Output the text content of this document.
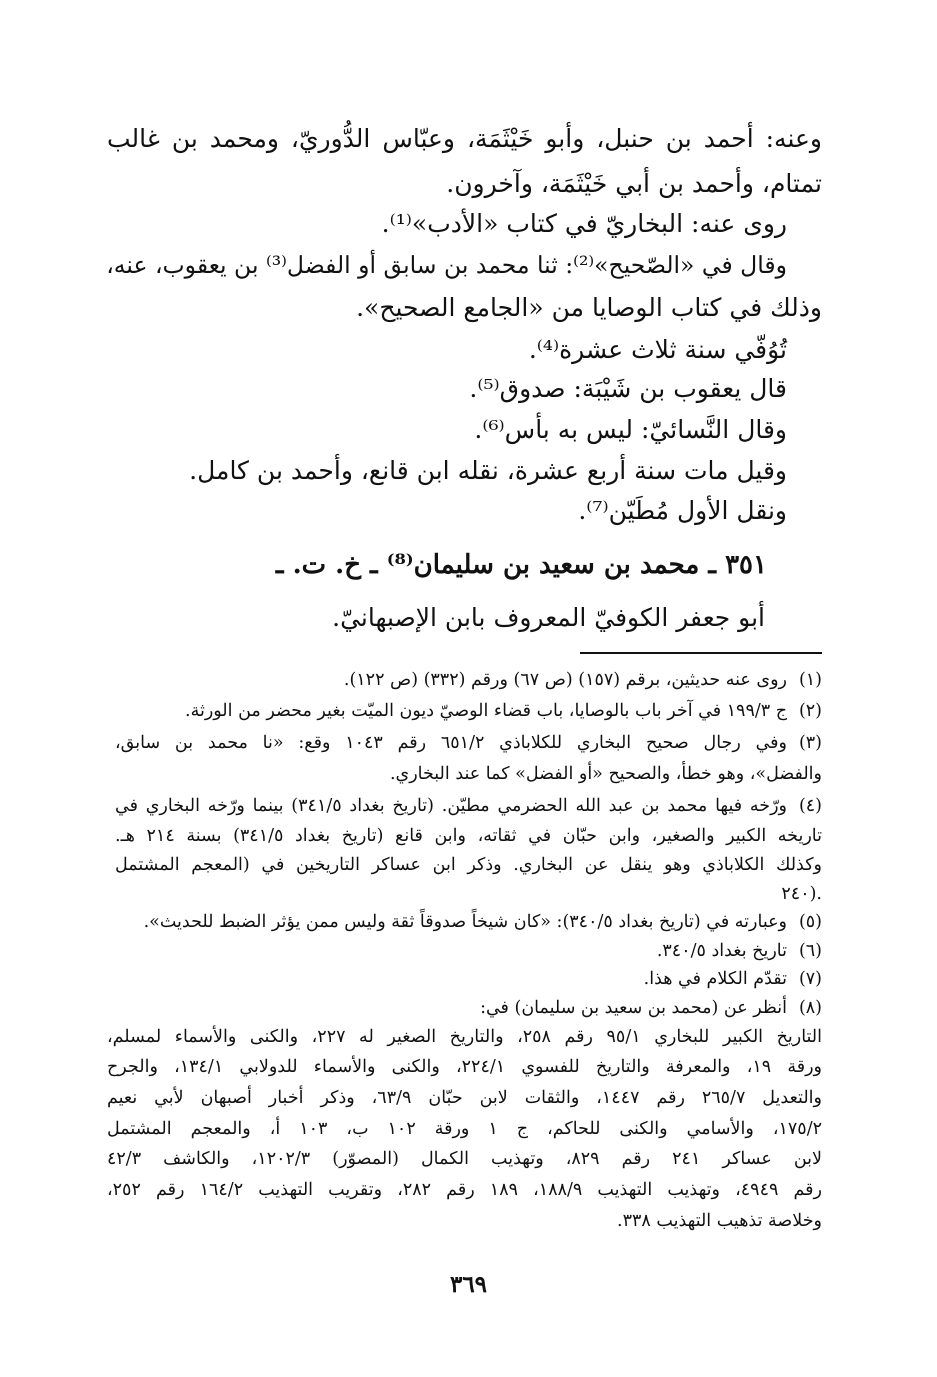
وعنه: أحمد بن حنبل، وأبو خَيْثَمَة، وعبّاس الدُّوريّ، ومحمد بن غالب
تمتام، وأحمد بن أبي خَيْثَمَة، وآخرون.
روى عنه: البخاريّ في كتاب «الأدب»⁽¹⁾.
وقال في «الصّحيح»⁽²⁾: ثنا محمد بن سابق أو الفضل⁽³⁾ بن يعقوب، عنه،
وذلك في كتاب الوصايا من «الجامع الصحيح».
تُوُفّي سنة ثلاث عشرة⁽⁴⁾.
قال يعقوب بن شَيْبَة: صدوق⁽⁵⁾.
وقال النَّسائيّ: ليس به بأس⁽⁶⁾.
وقيل مات سنة أربع عشرة، نقله ابن قانع، وأحمد بن كامل.
ونقل الأول مُطَيّن⁽⁷⁾.
٣٥١ ـ محمد بن سعيد بن سليمان⁽⁸⁾ ـ خ. ت. ـ
أبو جعفر الكوفيّ المعروف بابن الإصبهانيّ.
(١)
روى عنه حديثين، برقم (١٥٧) (ص ٦٧) ورقم (٣٣٢) (ص ١٢٢).
(٢)
ج ١٩٩/٣ في آخر باب بالوصايا، باب قضاء الوصيّ ديون الميّت بغير محضر من الورثة.
(٣)
وفي رجال صحيح البخاري للكلاباذي ٦٥١/٢ رقم ١٠٤٣ وقع: «نا محمد بن سابق،
والفضل»، وهو خطأ، والصحيح «أو الفضل» كما عند البخاري.
(٤)
ورّخه فيها محمد بن عبد الله الحضرمي مطيّن. (تاريخ بغداد ٣٤١/٥) بينما ورّخه البخاري في
تاريخه الكبير والصغير، وابن حبّان في ثقاته، وابن قانع (تاريخ بغداد ٣٤١/٥) بسنة ٢١٤ هـ.
وكذلك الكلاباذي وهو ينقل عن البخاري. وذكر ابن عساكر التاريخين في (المعجم المشتمل
٢٤٠).
(٥)
وعبارته في (تاريخ بغداد ٣٤٠/٥): «كان شيخاً صدوقاً ثقة وليس ممن يؤثر الضبط للحديث».
(٦)
تاريخ بغداد ٣٤٠/٥.
(٧)
تقدّم الكلام في هذا.
(٨)
أنظر عن (محمد بن سعيد بن سليمان) في:
التاريخ الكبير للبخاري ٩٥/١ رقم ٢٥٨، والتاريخ الصغير له ٢٢٧، والكنى والأسماء لمسلم،
ورقة ١٩، والمعرفة والتاريخ للفسوي ٢٢٤/١، والكنى والأسماء للدولابي ١٣٤/١، والجرح
والتعديل ٢٦٥/٧ رقم ١٤٤٧، والثقات لابن حبّان ٦٣/٩، وذكر أخبار أصبهان لأبي نعيم
١٧٥/٢، والأسامي والكنى للحاكم، ج ١ ورقة ١٠٢ ب، ١٠٣ أ، والمعجم المشتمل
لابن عساكر ٢٤١ رقم ٨٢٩، وتهذيب الكمال (المصوّر) ١٢٠٢/٣، والكاشف ٤٢/٣
رقم ٤٩٤٩، وتهذيب التهذيب ١٨٨/٩، ١٨٩ رقم ٢٨٢، وتقريب التهذيب ١٦٤/٢ رقم ٢٥٢،
وخلاصة تذهيب التهذيب ٣٣٨.
٣٦٩
